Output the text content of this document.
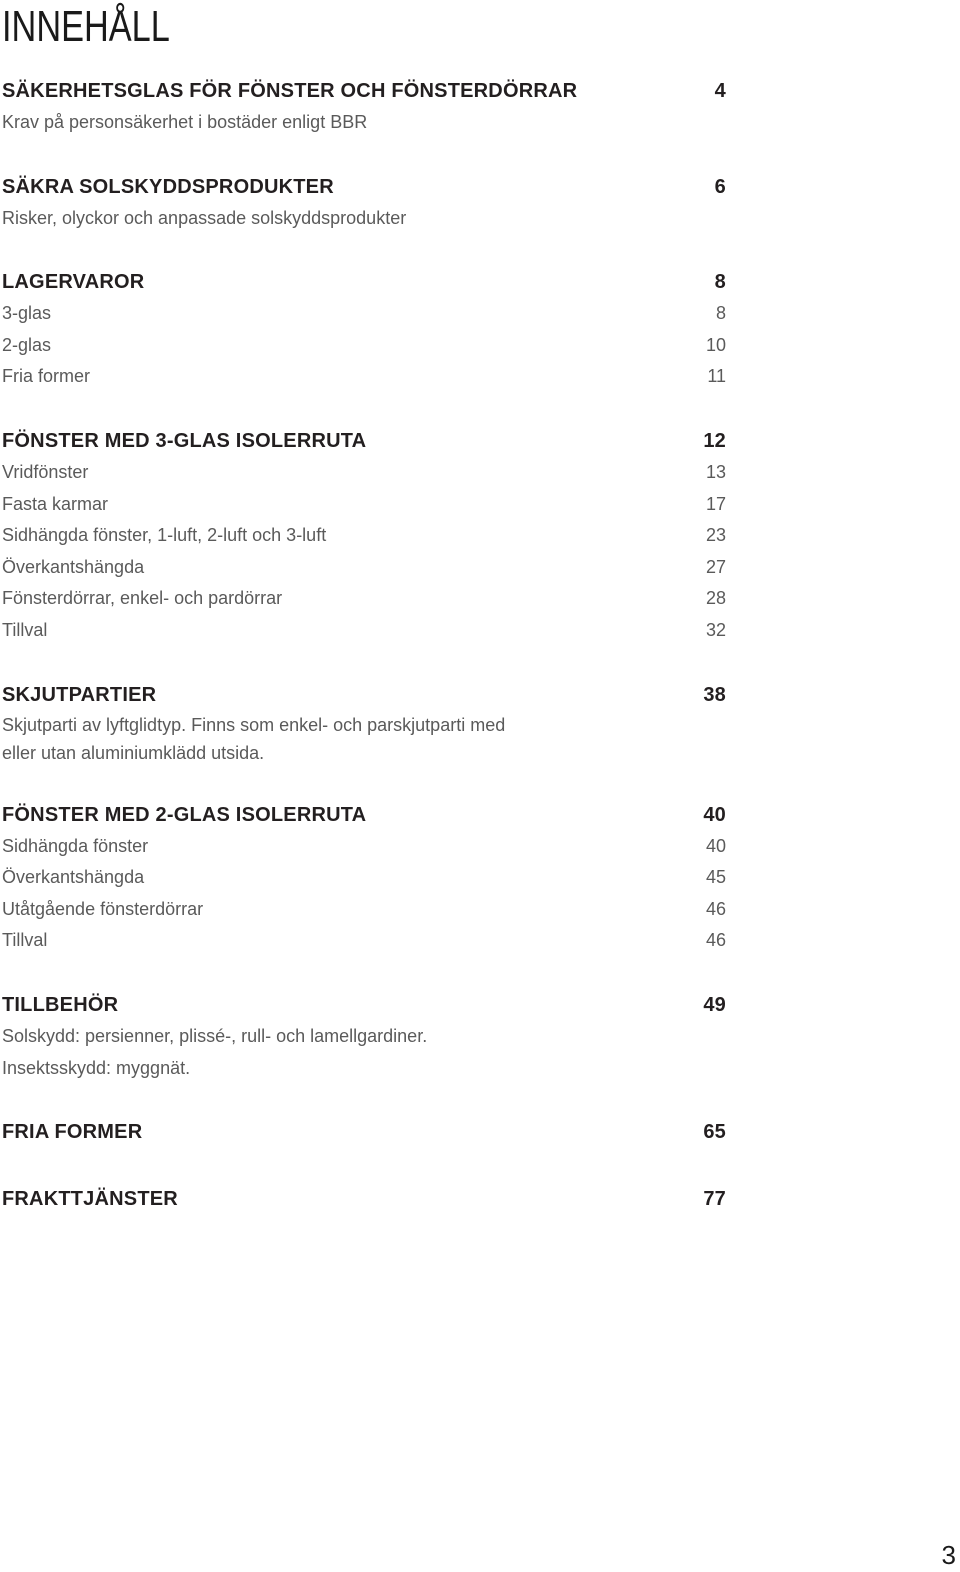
INNEHÅLL
SÄKERHETSGLAS FÖR FÖNSTER OCH FÖNSTERDÖRRAR	4
Krav på personsäkerhet i bostäder enligt BBR
SÄKRA SOLSKYDDSPRODUKTER	6
Risker, olyckor och anpassade solskyddsprodukter
LAGERVAROR	8
3-glas	8
2-glas	10
Fria former	11
FÖNSTER MED 3-GLAS ISOLERRUTA	12
Vridfönster	13
Fasta karmar	17
Sidhängda fönster, 1-luft, 2-luft och 3-luft	23
Överkantshängda	27
Fönsterdörrar, enkel- och pardörrar	28
Tillval	32
SKJUTPARTIER	38
Skjutparti av lyftglidtyp. Finns som enkel- och parskjutparti med eller utan aluminiumklädd utsida.
FÖNSTER MED 2-GLAS ISOLERRUTA	40
Sidhängda fönster	40
Överkantshängda	45
Utåtgående fönsterdörrar	46
Tillval	46
TILLBEHÖR	49
Solskydd: persienner, plissé-, rull- och lamellgardiner.
Insektsskydd: myggnät.
FRIA FORMER	65
FRAKTTJÄNSTER	77
3
